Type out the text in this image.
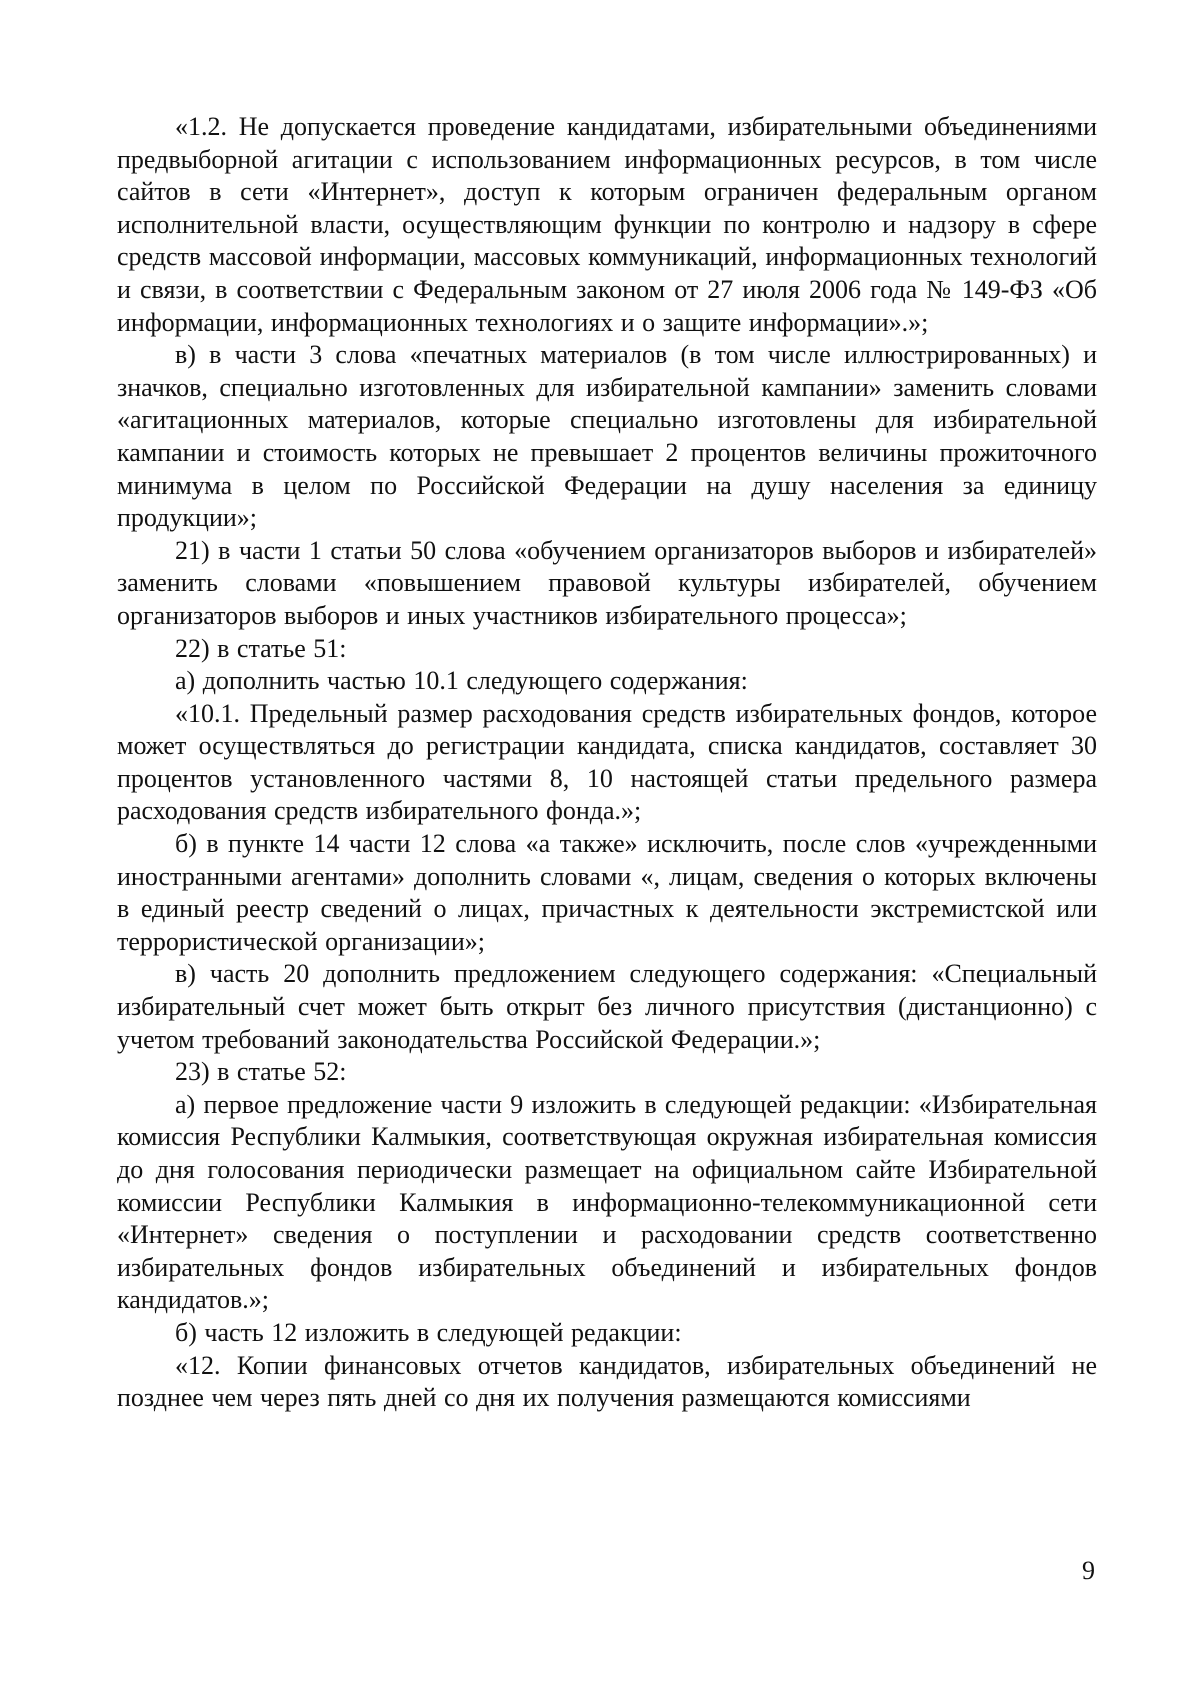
«1.2. Не допускается проведение кандидатами, избирательными объединениями предвыборной агитации с использованием информационных ресурсов, в том числе сайтов в сети «Интернет», доступ к которым ограничен федеральным органом исполнительной власти, осуществляющим функции по контролю и надзору в сфере средств массовой информации, массовых коммуникаций, информационных технологий и связи, в соответствии с Федеральным законом от 27 июля 2006 года № 149-ФЗ «Об информации, информационных технологиях и о защите информации».»;

в) в части 3 слова «печатных материалов (в том числе иллюстрированных) и значков, специально изготовленных для избирательной кампании» заменить словами «агитационных материалов, которые специально изготовлены для избирательной кампании и стоимость которых не превышает 2 процентов величины прожиточного минимума в целом по Российской Федерации на душу населения за единицу продукции»;

21) в части 1 статьи 50 слова «обучением организаторов выборов и избирателей» заменить словами «повышением правовой культуры избирателей, обучением организаторов выборов и иных участников избирательного процесса»;

22) в статье 51:

а) дополнить частью 10.1 следующего содержания:

«10.1. Предельный размер расходования средств избирательных фондов, которое может осуществляться до регистрации кандидата, списка кандидатов, составляет 30 процентов установленного частями 8, 10 настоящей статьи предельного размера расходования средств избирательного фонда.»;

б) в пункте 14 части 12 слова «а также» исключить, после слов «учрежденными иностранными агентами» дополнить словами «, лицам, сведения о которых включены в единый реестр сведений о лицах, причастных к деятельности экстремистской или террористической организации»;

в) часть 20 дополнить предложением следующего содержания: «Специальный избирательный счет может быть открыт без личного присутствия (дистанционно) с учетом требований законодательства Российской Федерации.»;

23) в статье 52:

а) первое предложение части 9 изложить в следующей редакции: «Избирательная комиссия Республики Калмыкия, соответствующая окружная избирательная комиссия до дня голосования периодически размещает на официальном сайте Избирательной комиссии Республики Калмыкия в информационно-телекоммуникационной сети «Интернет» сведения о поступлении и расходовании средств соответственно избирательных фондов избирательных объединений и избирательных фондов кандидатов.»;

б) часть 12 изложить в следующей редакции:

«12. Копии финансовых отчетов кандидатов, избирательных объединений не позднее чем через пять дней со дня их получения размещаются комиссиями

9
